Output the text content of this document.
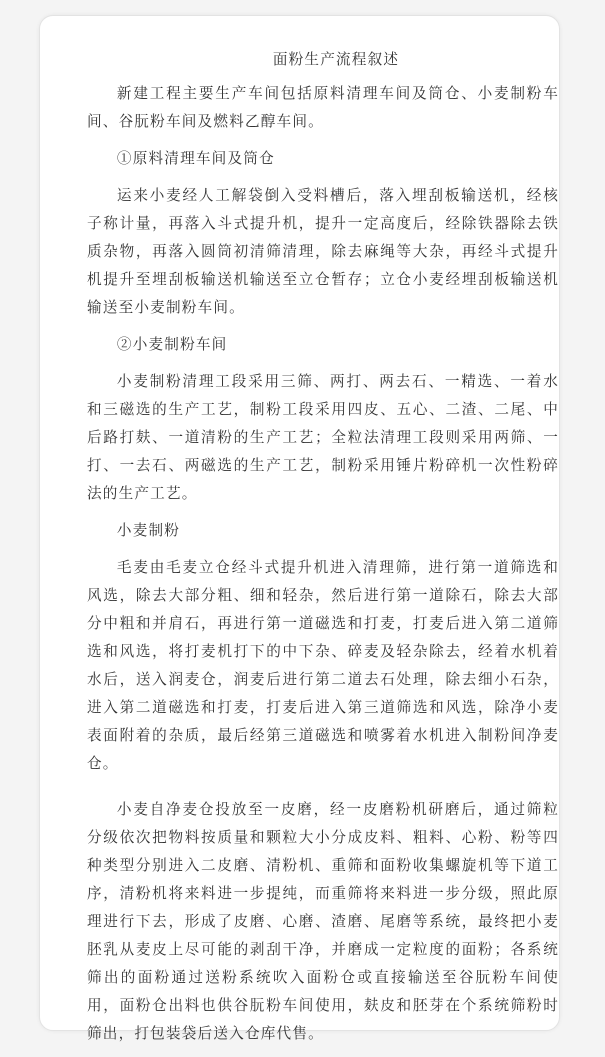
面粉生产流程叙述

新建工程主要生产车间包括原料清理车间及筒仓、小麦制粉车间、谷朊粉车间及燃料乙醇车间。

①原料清理车间及筒仓

运来小麦经人工解袋倒入受料槽后，落入埋刮板输送机，经核子称计量，再落入斗式提升机，提升一定高度后，经除铁器除去铁质杂物，再落入圆筒初清筛清理，除去麻绳等大杂，再经斗式提升机提升至埋刮板输送机输送至立仓暂存；立仓小麦经埋刮板输送机输送至小麦制粉车间。

②小麦制粉车间

小麦制粉清理工段采用三筛、两打、两去石、一精选、一着水和三磁选的生产工艺，制粉工段采用四皮、五心、二渣、二尾、中后路打麸、一道清粉的生产工艺；全粒法清理工段则采用两筛、一打、一去石、两磁选的生产工艺，制粉采用锤片粉碎机一次性粉碎法的生产工艺。

小麦制粉

毛麦由毛麦立仓经斗式提升机进入清理筛，进行第一道筛选和风选，除去大部分粗、细和轻杂，然后进行第一道除石，除去大部分中粗和并肩石，再进行第一道磁选和打麦，打麦后进入第二道筛选和风选，将打麦机打下的中下杂、碎麦及轻杂除去，经着水机着水后，送入润麦仓，润麦后进行第二道去石处理，除去细小石杂，进入第二道磁选和打麦，打麦后进入第三道筛选和风选，除净小麦表面附着的杂质，最后经第三道磁选和喷雾着水机进入制粉间净麦仓。

小麦自净麦仓投放至一皮磨，经一皮磨粉机研磨后，通过筛粒分级依次把物料按质量和颗粒大小分成皮料、粗料、心粉、粉等四种类型分别进入二皮磨、清粉机、重筛和面粉收集螺旋机等下道工序，清粉机将来料进一步提纯，而重筛将来料进一步分级，照此原理进行下去，形成了皮磨、心磨、渣磨、尾磨等系统，最终把小麦胚乳从麦皮上尽可能的剥刮干净，并磨成一定粒度的面粉；各系统筛出的面粉通过送粉系统吹入面粉仓或直接输送至谷朊粉车间使用，面粉仓出料也供谷朊粉车间使用，麸皮和胚芽在个系统筛粉时筛出，打包装袋后送入仓库代售。
